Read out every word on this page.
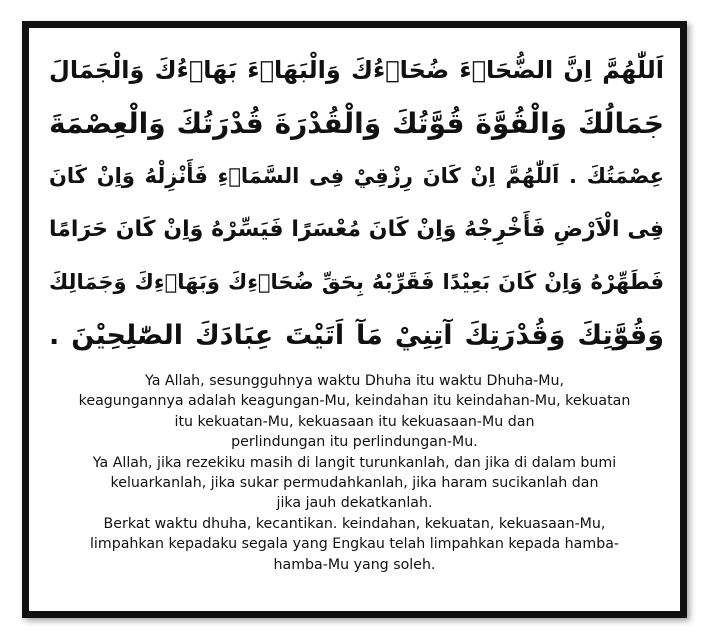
اَللّٰهُمَّ اِنَّ الضُّحَاۤءَ ضُحَاۤءُكَ وَالْبَهَاۤءَ بَهَاۤءُكَ وَالْجَمَالَ
جَمَالُكَ وَالْقُوَّةَ قُوَّتُكَ وَالْقُدْرَةَ قُدْرَتُكَ وَالْعِصْمَةَ
عِصْمَتُكَ . اَللّٰهُمَّ اِنْ كَانَ رِزْقِيْ فِى السَّمَاۤءِ فَأَنْزِلْهُ وَاِنْ كَانَ
فِى الْاَرْضِ فَأَخْرِجْهُ وَاِنْ كَانَ مُعْسَرًا فَيَسِّرْهُ وَاِنْ كَانَ حَرَامًا
فَطَهِّرْهُ وَاِنْ كَانَ بَعِيْدًا فَقَرِّبْهُ بِحَقِّ ضُحَاۤءِكَ وَبَهَاۤءِكَ وَجَمَالِكَ
وَقُوَّتِكَ وَقُدْرَتِكَ آتِنِيْ مَآ اَتَيْتَ عِبَادَكَ الصّٰلِحِيْنَ .
Ya Allah, sesungguhnya waktu Dhuha itu waktu Dhuha-Mu,
keagungannya adalah keagungan-Mu, keindahan itu keindahan-Mu, kekuatan
itu kekuatan-Mu, kekuasaan itu kekuasaan-Mu dan
perlindungan itu perlindungan-Mu.
Ya Allah, jika rezekiku masih di langit turunkanlah, dan jika di dalam bumi
keluarkanlah, jika sukar permudahkanlah, jika haram sucikanlah dan
jika jauh dekatkanlah.
Berkat waktu dhuha, kecantikan. keindahan, kekuatan, kekuasaan-Mu,
limpahkan kepadaku segala yang Engkau telah limpahkan kepada hamba-
hamba-Mu yang soleh.
